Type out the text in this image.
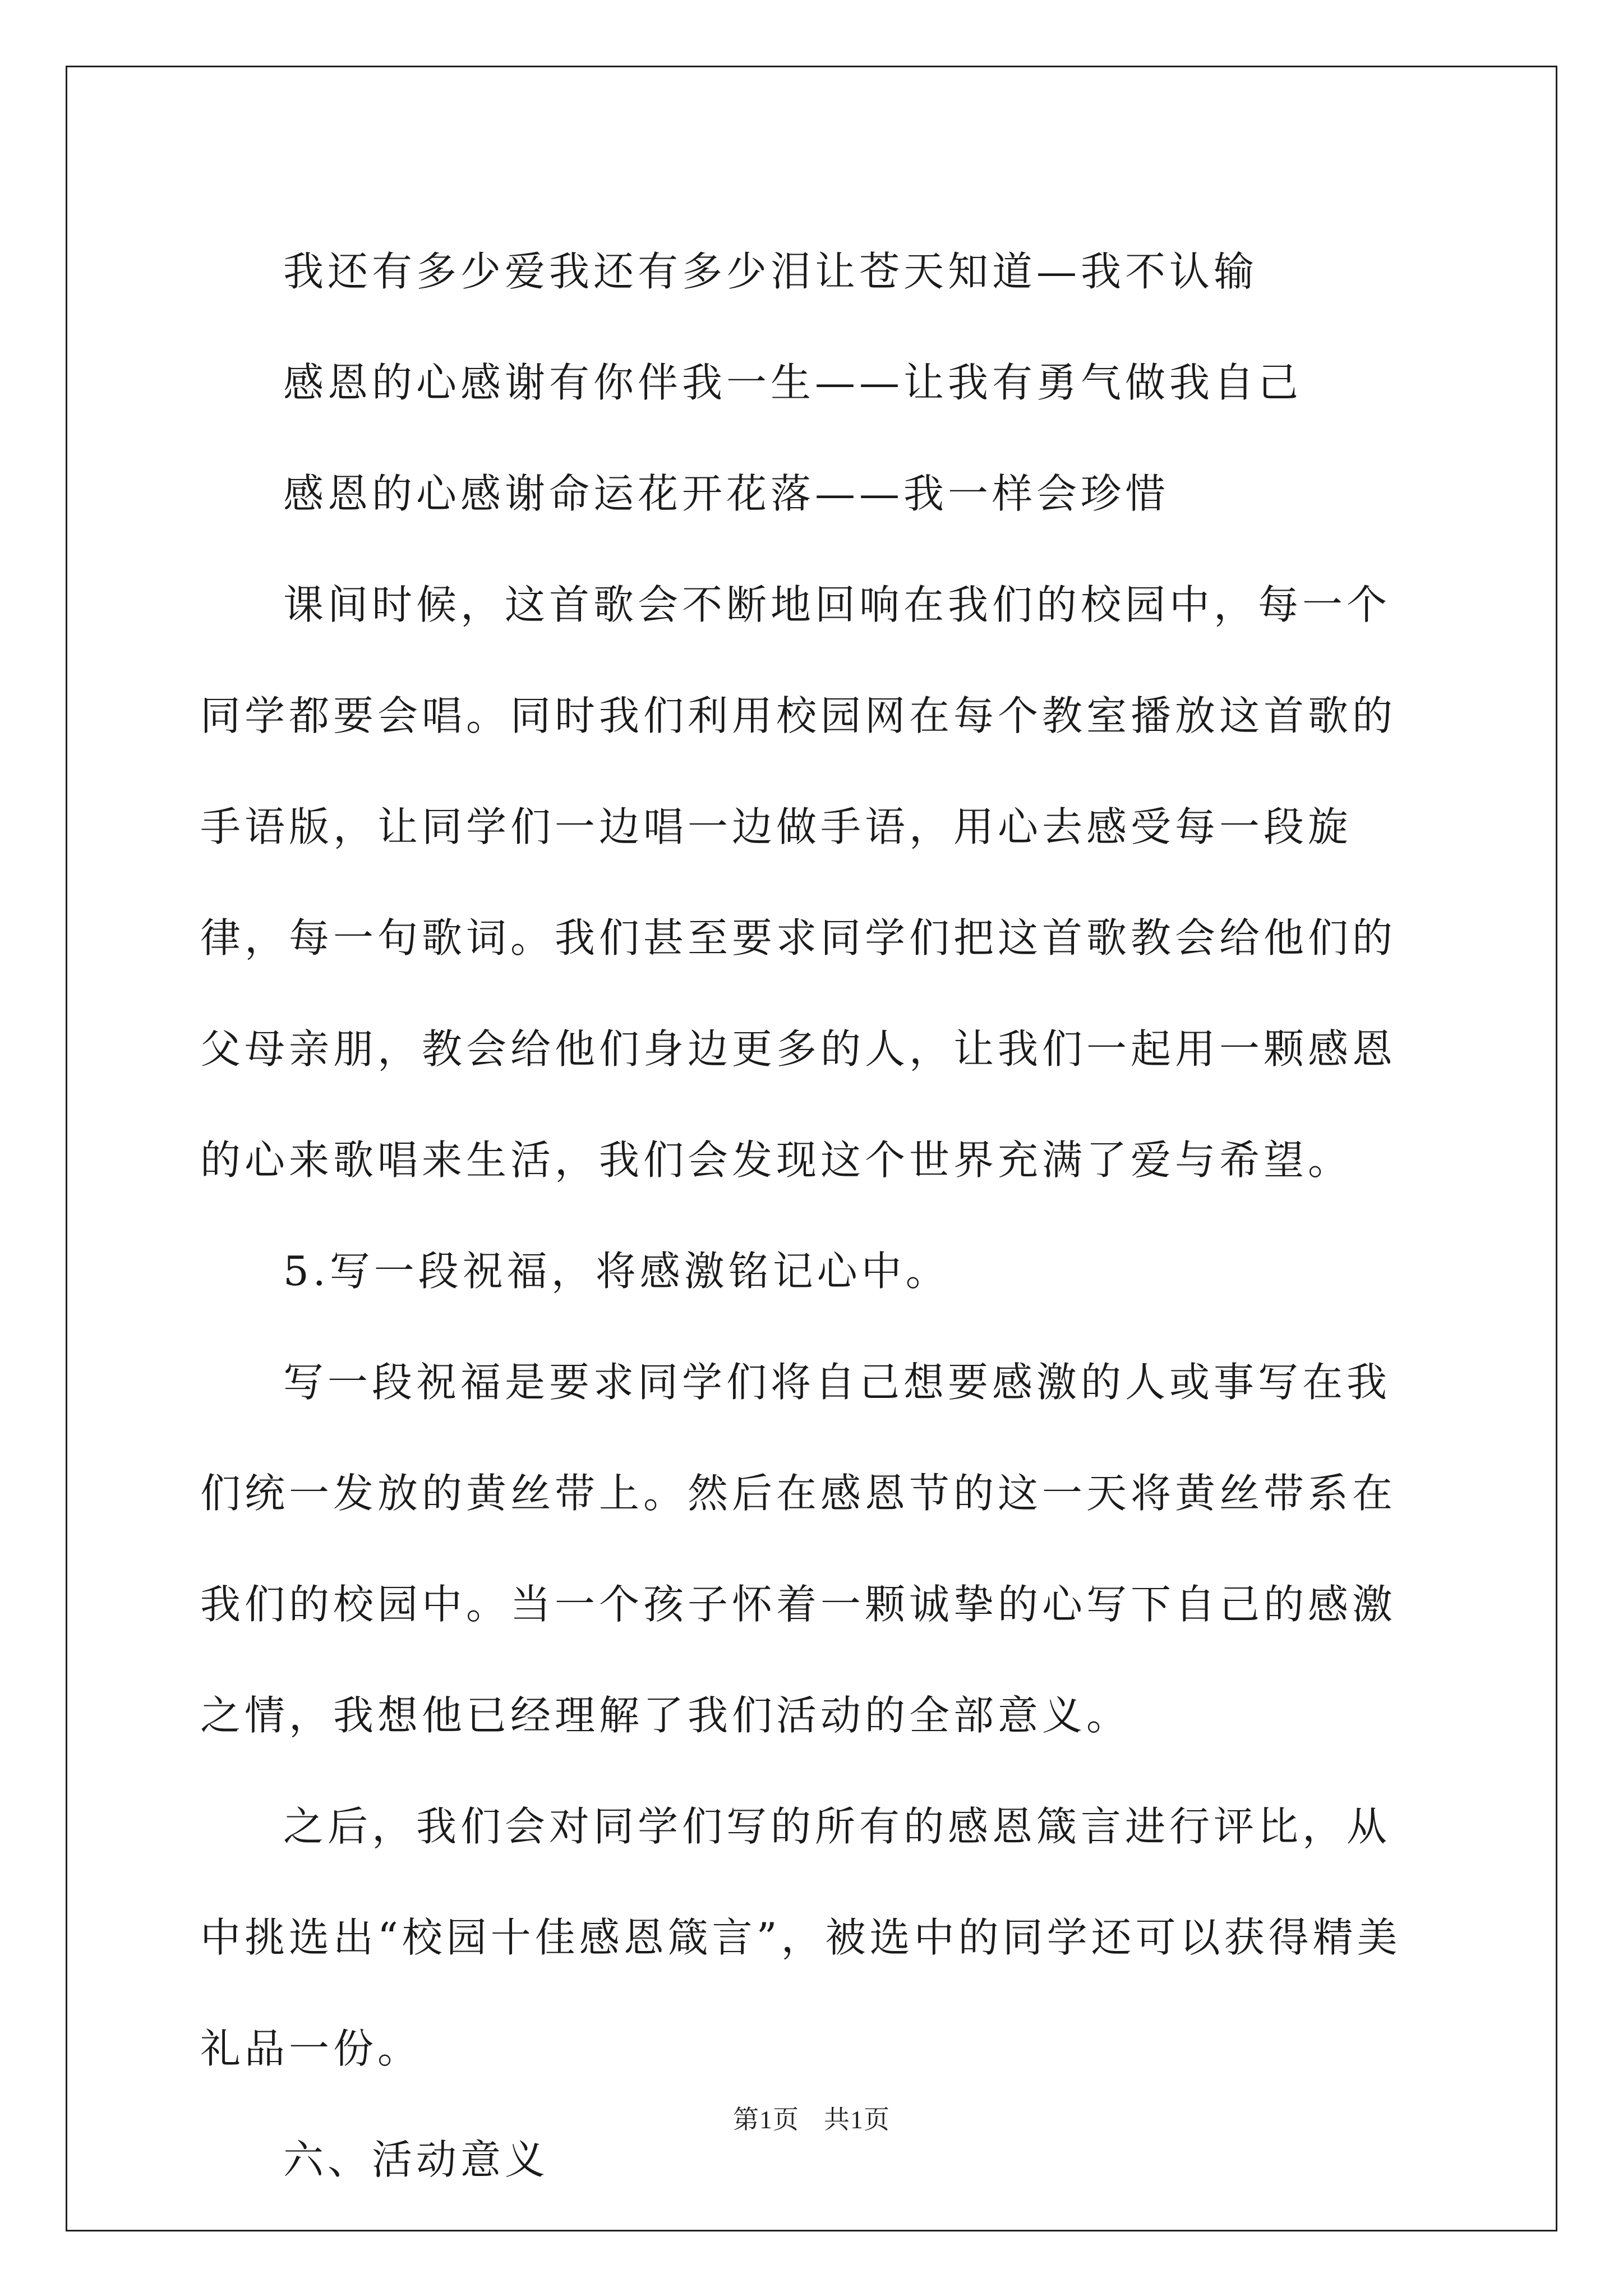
我还有多少爱我还有多少泪让苍天知道—我不认输

感恩的心感谢有你伴我一生——让我有勇气做我自己

感恩的心感谢命运花开花落——我一样会珍惜

课间时候，这首歌会不断地回响在我们的校园中，每一个同学都要会唱。同时我们利用校园网在每个教室播放这首歌的手语版，让同学们一边唱一边做手语，用心去感受每一段旋律，每一句歌词。我们甚至要求同学们把这首歌教会给他们的父母亲朋，教会给他们身边更多的人，让我们一起用一颗感恩的心来歌唱来生活，我们会发现这个世界充满了爱与希望。

5.写一段祝福，将感激铭记心中。

写一段祝福是要求同学们将自己想要感激的人或事写在我们统一发放的黄丝带上。然后在感恩节的这一天将黄丝带系在我们的校园中。当一个孩子怀着一颗诚挚的心写下自己的感激之情，我想他已经理解了我们活动的全部意义。

之后，我们会对同学们写的所有的感恩箴言进行评比，从中挑选出“校园十佳感恩箴言”，被选中的同学还可以获得精美礼品一份。

六、活动意义

第1页 共1页
